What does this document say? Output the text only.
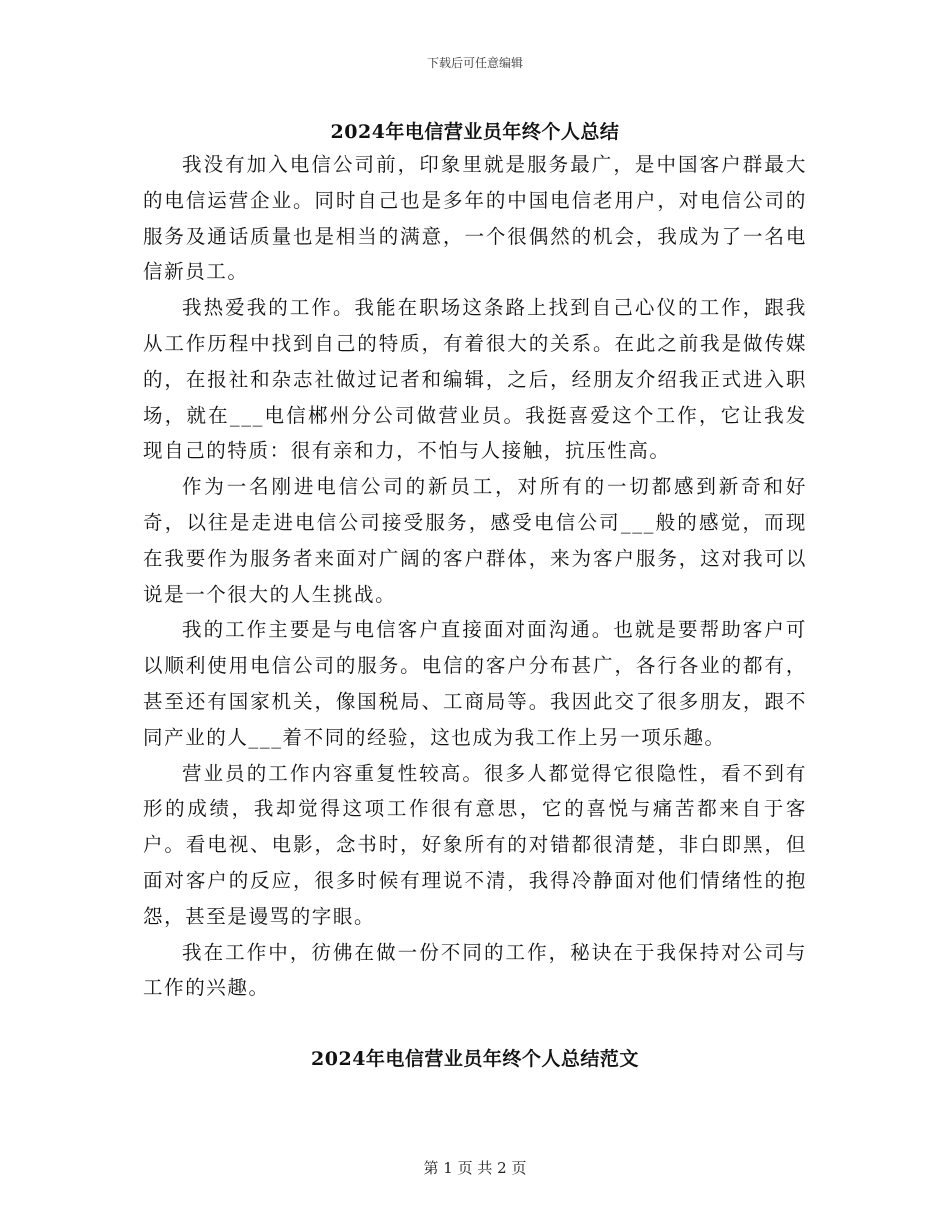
下载后可任意编辑
2024年电信营业员年终个人总结

我没有加入电信公司前，印象里就是服务最广，是中国客户群最大的电信运营企业。同时自己也是多年的中国电信老用户，对电信公司的服务及通话质量也是相当的满意，一个很偶然的机会，我成为了一名电信新员工。

我热爱我的工作。我能在职场这条路上找到自己心仪的工作，跟我从工作历程中找到自己的特质，有着很大的关系。在此之前我是做传媒的，在报社和杂志社做过记者和编辑，之后，经朋友介绍我正式进入职场，就在___电信郴州分公司做营业员。我挺喜爱这个工作，它让我发现自己的特质：很有亲和力，不怕与人接触，抗压性高。

作为一名刚进电信公司的新员工，对所有的一切都感到新奇和好奇，以往是走进电信公司接受服务，感受电信公司___般的感觉，而现在我要作为服务者来面对广阔的客户群体，来为客户服务，这对我可以说是一个很大的人生挑战。

我的工作主要是与电信客户直接面对面沟通。也就是要帮助客户可以顺利使用电信公司的服务。电信的客户分布甚广，各行各业的都有，甚至还有国家机关，像国税局、工商局等。我因此交了很多朋友，跟不同产业的人___着不同的经验，这也成为我工作上另一项乐趣。

营业员的工作内容重复性较高。很多人都觉得它很隐性，看不到有形的成绩，我却觉得这项工作很有意思，它的喜悦与痛苦都来自于客户。看电视、电影，念书时，好象所有的对错都很清楚，非白即黑，但面对客户的反应，很多时候有理说不清，我得冷静面对他们情绪性的抱怨，甚至是谩骂的字眼。

我在工作中，彷佛在做一份不同的工作，秘诀在于我保持对公司与工作的兴趣。

2024年电信营业员年终个人总结范文
第 1 页 共 2 页
